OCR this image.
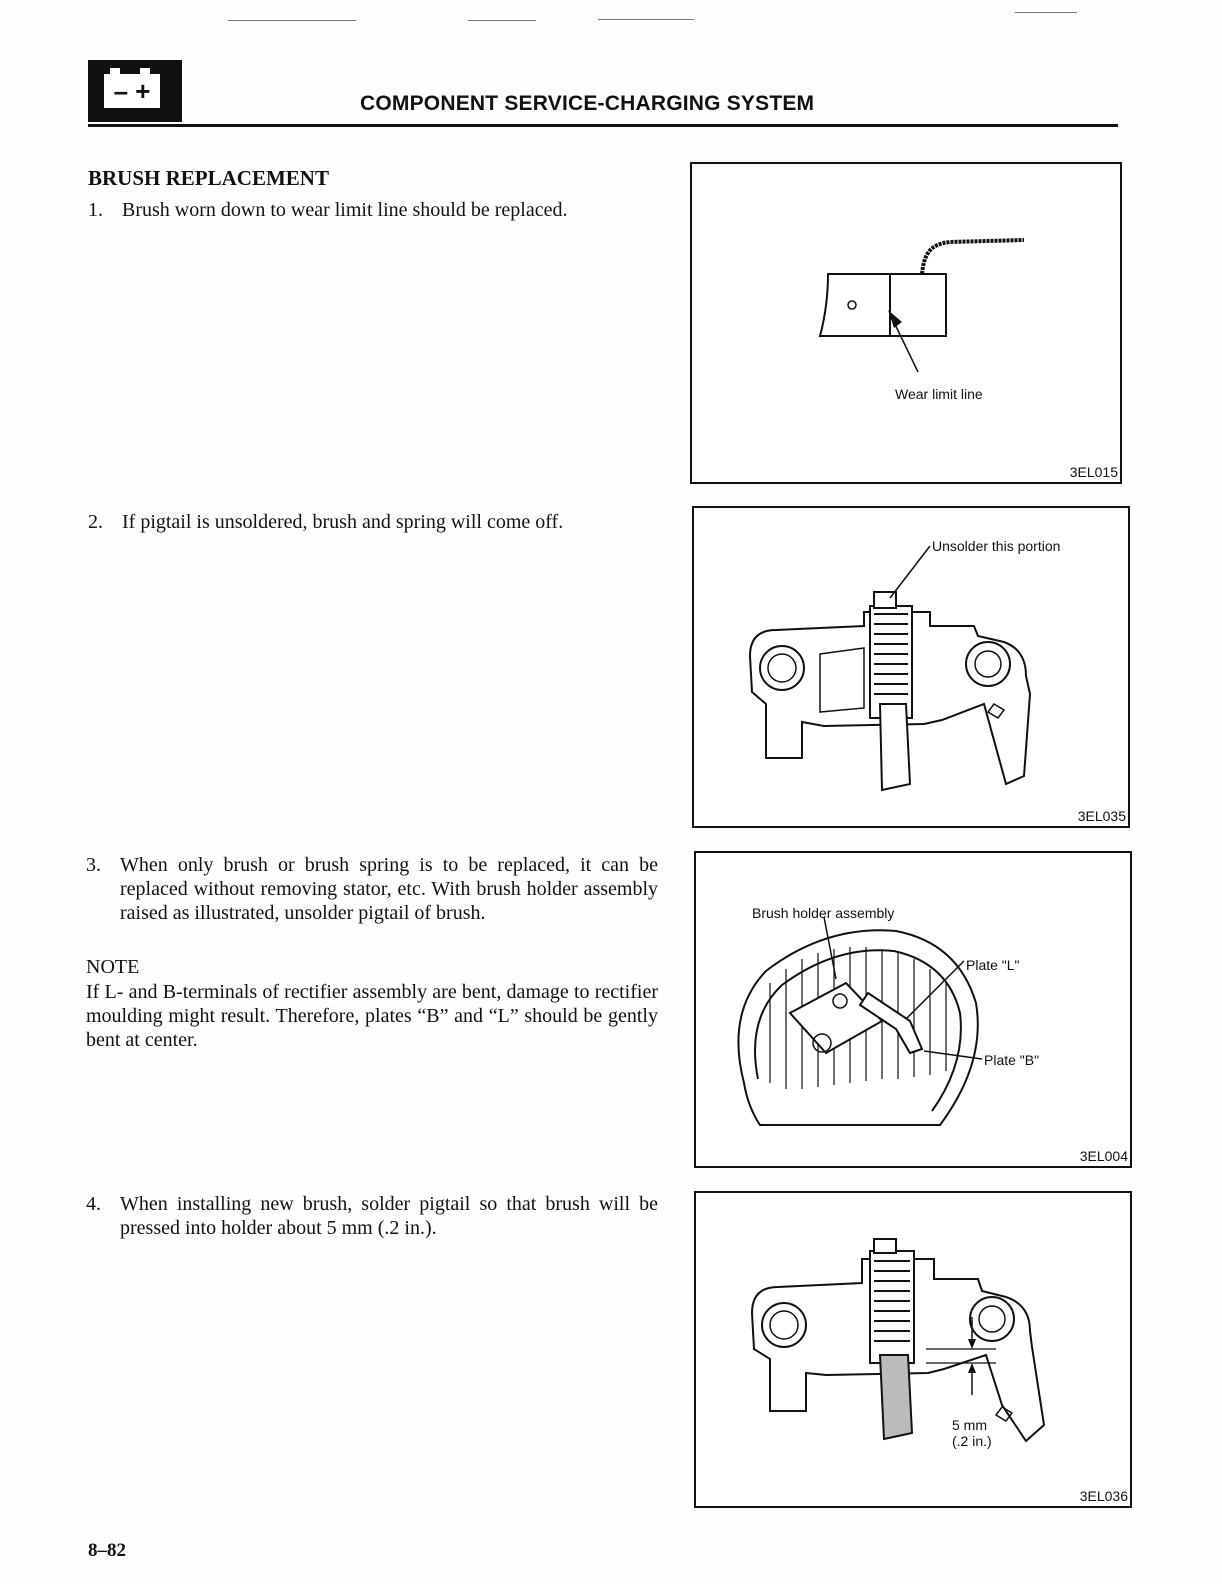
– +	COMPONENT SERVICE-CHARGING SYSTEM
BRUSH REPLACEMENT
1. Brush worn down to wear limit line should be replaced.
2. If pigtail is unsoldered, brush and spring will come off.
3. When only brush or brush spring is to be replaced, it can be replaced without removing stator, etc. With brush holder assembly raised as illustrated, unsolder pigtail of brush.
NOTE
If L- and B-terminals of rectifier assembly are bent, damage to rectifier moulding might result. Therefore, plates “B” and “L” should be gently bent at center.
4. When installing new brush, solder pigtail so that brush will be pressed into holder about 5 mm (.2 in.).
Wear limit line
3EL015
Unsolder this portion
3EL035
Brush holder assembly
Plate "L"
Plate "B"
3EL004
5 mm
(.2 in.)
3EL036
8–82
